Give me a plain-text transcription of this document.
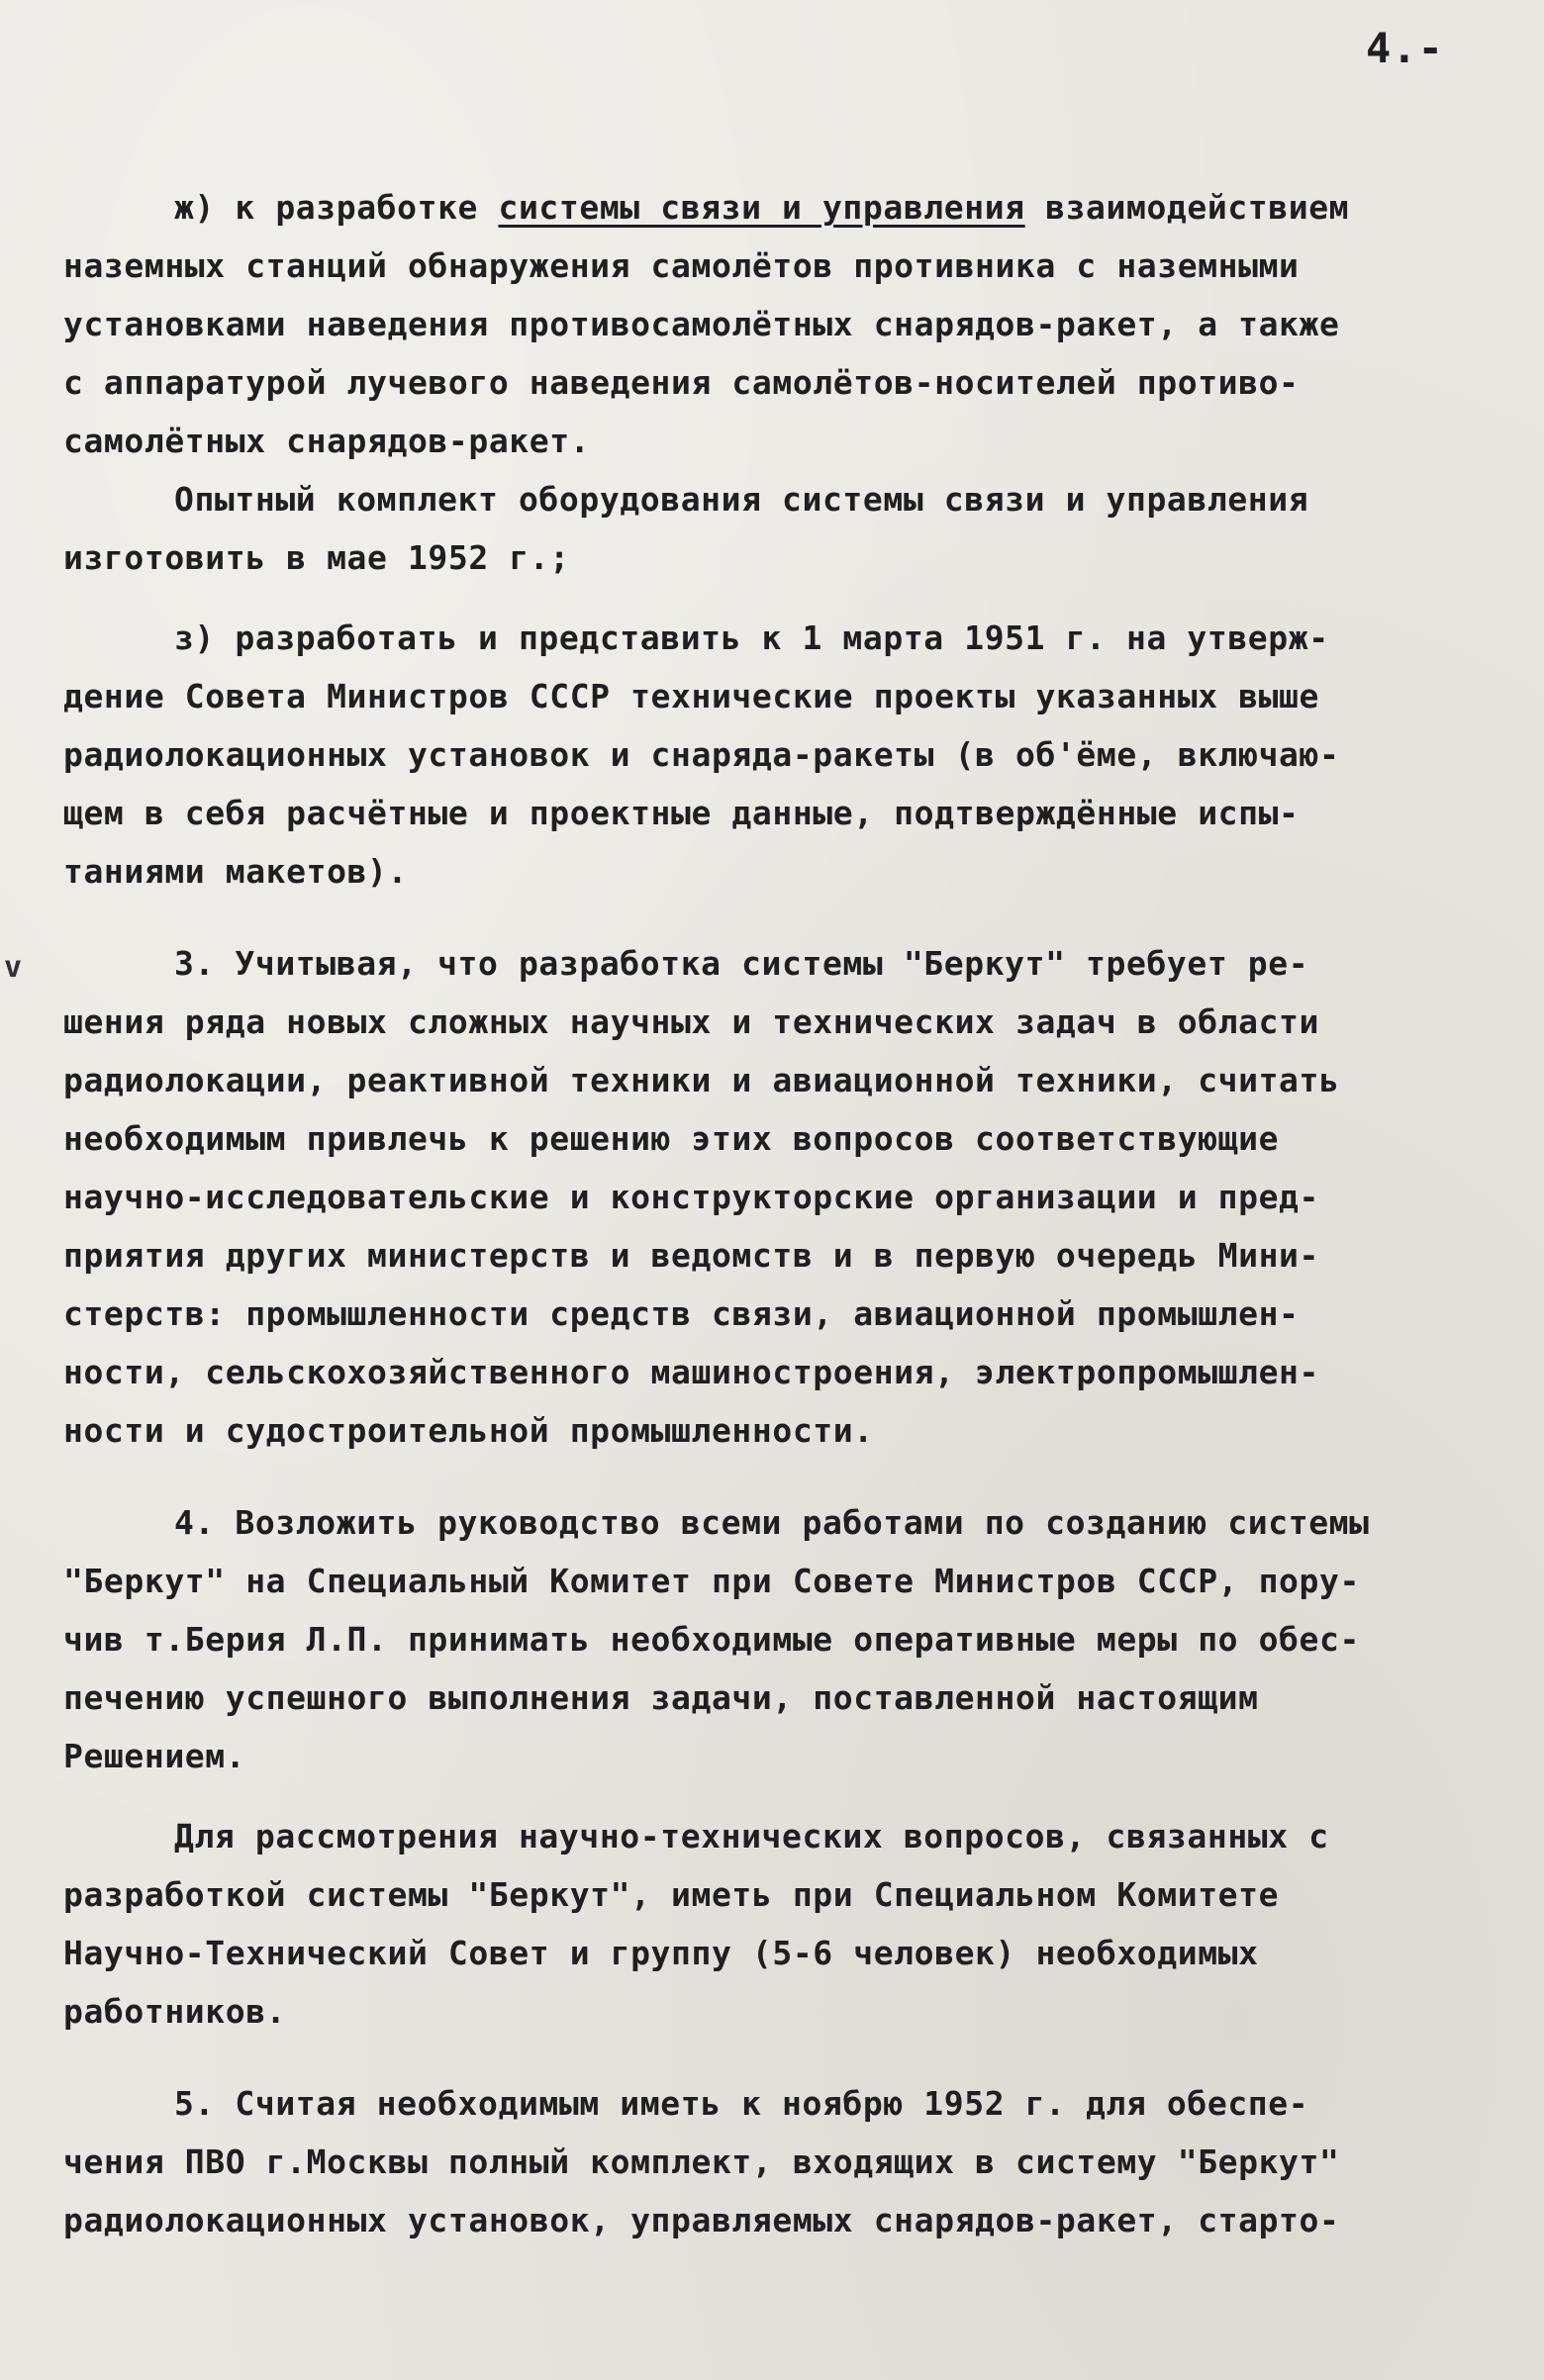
4.-
v
ж) к разработке системы связи и управления взаимодействием
наземных станций обнаружения самолётов противника с наземными
установками наведения противосамолётных снарядов-ракет, а также
с аппаратурой лучевого наведения самолётов-носителей противо-
самолётных снарядов-ракет.
Опытный комплект оборудования системы связи и управления
изготовить в мае 1952 г.;
з) разработать и представить к 1 марта 1951 г. на утверж-
дение Совета Министров СССР технические проекты указанных выше
радиолокационных установок и снаряда-ракеты (в об'ёме, включаю-
щем в себя расчётные и проектные данные, подтверждённые испы-
таниями макетов).
3. Учитывая, что разработка системы "Беркут" требует ре-
шения ряда новых сложных научных и технических задач в области
радиолокации, реактивной техники и авиационной техники, считать
необходимым привлечь к решению этих вопросов соответствующие
научно-исследовательские и конструкторские организации и пред-
приятия других министерств и ведомств и в первую очередь Мини-
стерств: промышленности средств связи, авиационной промышлен-
ности, сельскохозяйственного машиностроения, электропромышлен-
ности и судостроительной промышленности.
4. Возложить руководство всеми работами по созданию системы
"Беркут" на Специальный Комитет при Совете Министров СССР, пору-
чив т.Берия Л.П. принимать необходимые оперативные меры по обес-
печению успешного выполнения задачи, поставленной настоящим
Решением.
Для рассмотрения научно-технических вопросов, связанных с
разработкой системы "Беркут", иметь при Специальном Комитете
Научно-Технический Совет и группу (5-6 человек) необходимых
работников.
5. Считая необходимым иметь к ноябрю 1952 г. для обеспе-
чения ПВО г.Москвы полный комплект, входящих в систему "Беркут"
радиолокационных установок, управляемых снарядов-ракет, старто-
